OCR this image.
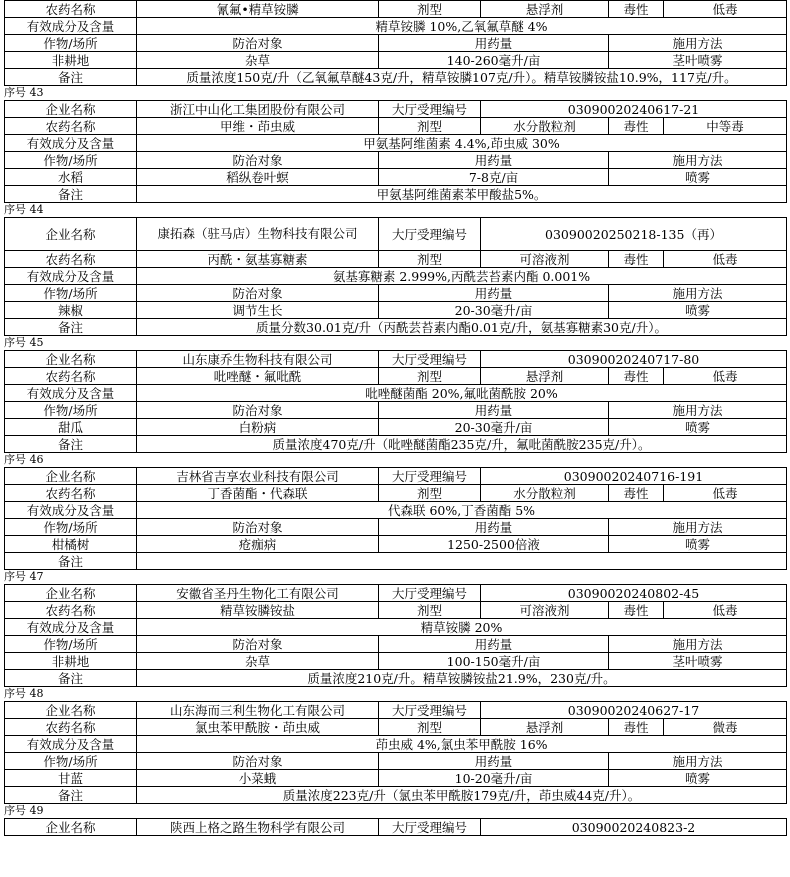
农药名称	氰氟•精草铵膦	剂型	悬浮剂	毒性	低毒
有效成分及含量	精草铵膦 10%,乙氧氟草醚 4%				
作物/场所	防治对象	用药量		施用方法	
非耕地	杂草	140-260毫升/亩		茎叶喷雾	
备注	质量浓度150克/升（乙氧氟草醚43克/升，精草铵膦107克/升）。精草铵膦铵盐10.9%，117克/升。				
序号 43
企业名称	浙江中山化工集团股份有限公司	大厅受理编号	03090020240617-21		
农药名称	甲维・茚虫威	剂型	水分散粒剂	毒性	中等毒
有效成分及含量	甲氨基阿维菌素 4.4%,茚虫威 30%				
作物/场所	防治对象	用药量		施用方法	
水稻	稻纵卷叶螟	7-8克/亩		喷雾	
备注	甲氨基阿维菌素苯甲酸盐5%。				
序号 44
企业名称	康拓森（驻马店）生物科技有限公司	大厅受理编号	03090020250218-135（再）		
农药名称	丙酰・氨基寡糖素	剂型	可溶液剂	毒性	低毒
有效成分及含量	氨基寡糖素 2.999%,丙酰芸苔素内酯 0.001%				
作物/场所	防治对象	用药量		施用方法	
辣椒	调节生长	20-30毫升/亩		喷雾	
备注	质量分数30.01克/升（丙酰芸苔素内酯0.01克/升，氨基寡糖素30克/升）。				
序号 45
企业名称	山东康乔生物科技有限公司	大厅受理编号	03090020240717-80		
农药名称	吡唑醚・氟吡酰	剂型	悬浮剂	毒性	低毒
有效成分及含量	吡唑醚菌酯 20%,氟吡菌酰胺 20%				
作物/场所	防治对象	用药量		施用方法	
甜瓜	白粉病	20-30毫升/亩		喷雾	
备注	质量浓度470克/升（吡唑醚菌酯235克/升，氟吡菌酰胺235克/升）。				
序号 46
企业名称	吉林省吉享农业科技有限公司	大厅受理编号	03090020240716-191		
农药名称	丁香菌酯・代森联	剂型	水分散粒剂	毒性	低毒
有效成分及含量	代森联 60%,丁香菌酯 5%				
作物/场所	防治对象	用药量		施用方法	
柑橘树	疮痂病	1250-2500倍液		喷雾	
备注					
序号 47
企业名称	安徽省圣丹生物化工有限公司	大厅受理编号	03090020240802-45		
农药名称	精草铵膦铵盐	剂型	可溶液剂	毒性	低毒
有效成分及含量	精草铵膦 20%				
作物/场所	防治对象	用药量		施用方法	
非耕地	杂草	100-150毫升/亩		茎叶喷雾	
备注	质量浓度210克/升。精草铵膦铵盐21.9%，230克/升。				
序号 48
企业名称	山东海而三利生物化工有限公司	大厅受理编号	03090020240627-17		
农药名称	氯虫苯甲酰胺・茚虫威	剂型	悬浮剂	毒性	微毒
有效成分及含量	茚虫威 4%,氯虫苯甲酰胺 16%				
作物/场所	防治对象	用药量		施用方法	
甘蓝	小菜蛾	10-20毫升/亩		喷雾	
备注	质量浓度223克/升（氯虫苯甲酰胺179克/升，茚虫威44克/升）。				
序号 49
企业名称	陕西上格之路生物科学有限公司	大厅受理编号	03090020240823-2
